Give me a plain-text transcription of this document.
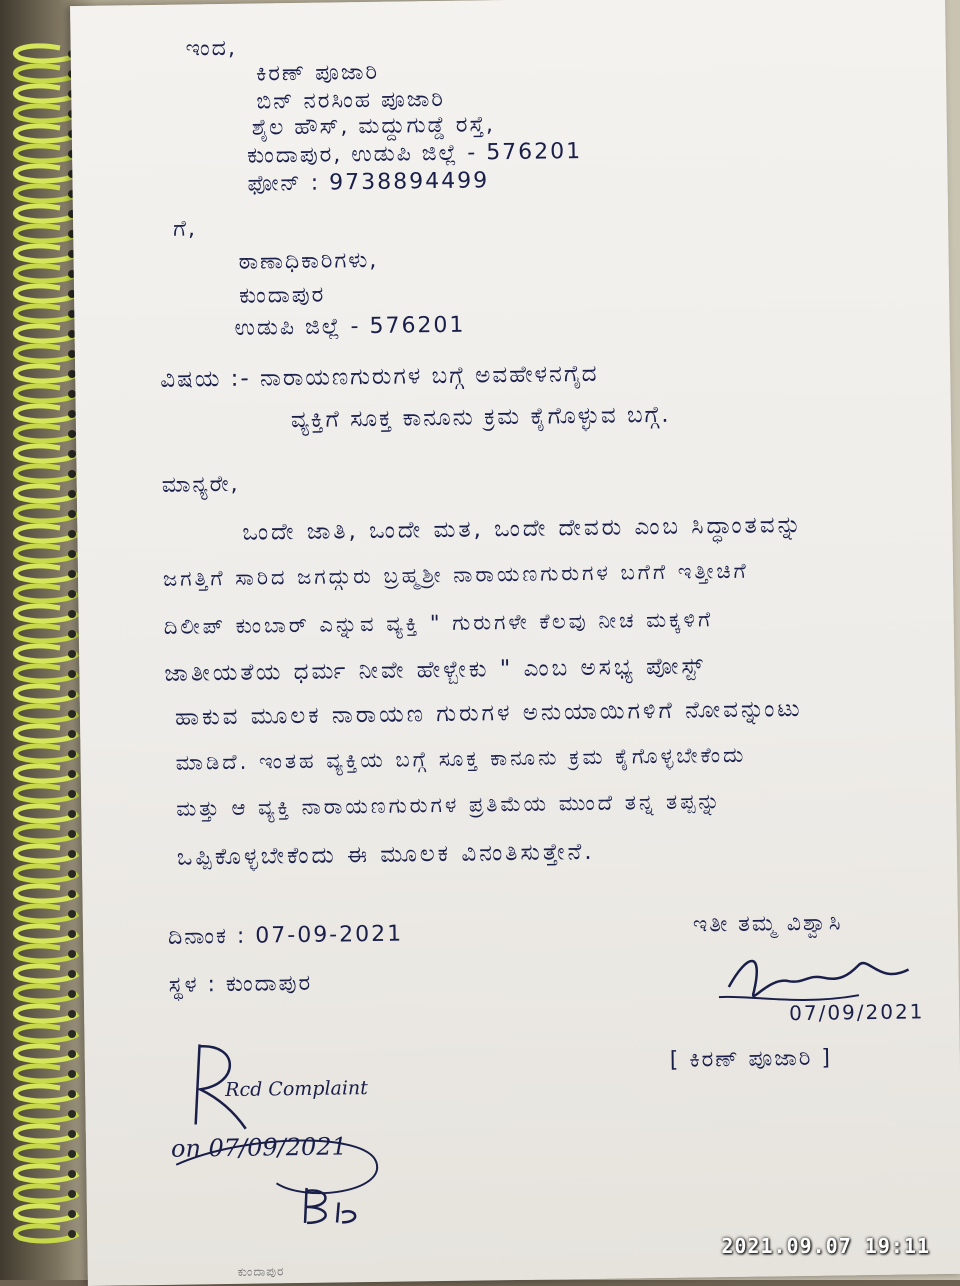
ಇಂದ,
ಕಿರಣ್ ಪೂಜಾರಿ
ಬಿನ್ ನರಸಿಂಹ ಪೂಜಾರಿ
ಶೈಲ ಹೌಸ್, ಮದ್ದುಗುಡ್ಡೆ ರಸ್ತೆ,
ಕುಂದಾಪುರ, ಉಡುಪಿ ಜಿಲ್ಲೆ - 576201
ಫೋನ್ : 9738894499
ಗೆ,
ಠಾಣಾಧಿಕಾರಿಗಳು,
ಕುಂದಾಪುರ
ಉಡುಪಿ ಜಿಲ್ಲೆ - 576201
ವಿಷಯ :- ನಾರಾಯಣಗುರುಗಳ ಬಗ್ಗೆ ಅವಹೇಳನಗೈದ
ವ್ಯಕ್ತಿಗೆ ಸೂಕ್ತ ಕಾನೂನು ಕ್ರಮ ಕೈಗೊಳ್ಳುವ ಬಗ್ಗೆ.
ಮಾನ್ಯರೇ,
ಒಂದೇ ಜಾತಿ, ಒಂದೇ ಮತ, ಒಂದೇ ದೇವರು ಎಂಬ ಸಿದ್ಧಾಂತವನ್ನು
ಜಗತ್ತಿಗೆ ಸಾರಿದ ಜಗದ್ಗುರು ಬ್ರಹ್ಮಶ್ರೀ ನಾರಾಯಣಗುರುಗಳ ಬಗೆಗೆ ಇತ್ತೀಚಿಗೆ
ದಿಲೀಪ್ ಕುಂಬಾರ್ ಎನ್ನುವ ವ್ಯಕ್ತಿ " ಗುರುಗಳೇ ಕೆಲವು ನೀಚ ಮಕ್ಕಳಿಗೆ
ಜಾತೀಯತೆಯ ಧರ್ಮ ನೀವೇ ಹೇಳ್ಬೇಕು " ಎಂಬ ಅಸಭ್ಯ ಪೋಸ್ಟ್
ಹಾಕುವ ಮೂಲಕ ನಾರಾಯಣ ಗುರುಗಳ ಅನುಯಾಯಿಗಳಿಗೆ ನೋವನ್ನುಂಟು
ಮಾಡಿದೆ. ಇಂತಹ ವ್ಯಕ್ತಿಯ ಬಗ್ಗೆ ಸೂಕ್ತ ಕಾನೂನು ಕ್ರಮ ಕೈಗೊಳ್ಳಬೇಕೆಂದು
ಮತ್ತು ಆ ವ್ಯಕ್ತಿ ನಾರಾಯಣಗುರುಗಳ ಪ್ರತಿಮೆಯ ಮುಂದೆ ತನ್ನ ತಪ್ಪನ್ನು
ಒಪ್ಪಿಕೊಳ್ಳಬೇಕೆಂದು ಈ ಮೂಲಕ ವಿನಂತಿಸುತ್ತೇನೆ.
ದಿನಾಂಕ : 07-09-2021
ಸ್ಥಳ : ಕುಂದಾಪುರ
ಇತೀ ತಮ್ಮ ವಿಶ್ವಾಸಿ
07/09/2021
[ ಕಿರಣ್ ಪೂಜಾರಿ ]
Rcd Complaint
on 07/09/2021
ಕುಂದಾಪುರ
2021.09.07 19:11
